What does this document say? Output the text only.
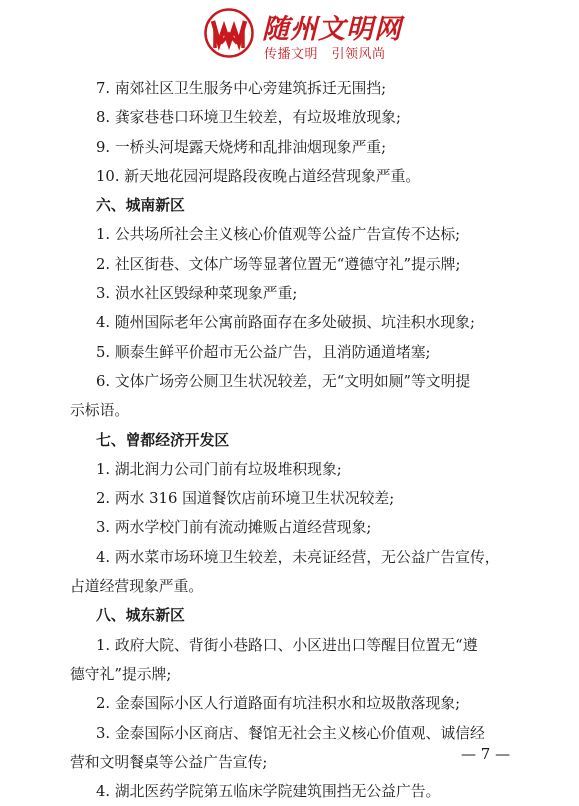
随州文明网
传播文明　引领风尚
7. 南郊社区卫生服务中心旁建筑拆迁无围挡;
8. 龚家巷巷口环境卫生较差，有垃圾堆放现象;
9. 一桥头河堤露天烧烤和乱排油烟现象严重;
10. 新天地花园河堤路段夜晚占道经营现象严重。
六、城南新区
1. 公共场所社会主义核心价值观等公益广告宣传不达标;
2. 社区街巷、文体广场等显著位置无“遵德守礼”提示牌;
3. 涢水社区毁绿种菜现象严重;
4. 随州国际老年公寓前路面存在多处破损、坑洼积水现象;
5. 顺泰生鲜平价超市无公益广告，且消防通道堵塞;
6. 文体广场旁公厕卫生状况较差，无“文明如厕”等文明提
示标语。
七、曾都经济开发区
1. 湖北润力公司门前有垃圾堆积现象;
2. 两水 316 国道餐饮店前环境卫生状况较差;
3. 两水学校门前有流动摊贩占道经营现象;
4. 两水菜市场环境卫生较差，未亮证经营，无公益广告宣传，
占道经营现象严重。
八、城东新区
1. 政府大院、背街小巷路口、小区进出口等醒目位置无“遵
德守礼”提示牌;
2. 金泰国际小区人行道路面有坑洼积水和垃圾散落现象;
3. 金泰国际小区商店、餐馆无社会主义核心价值观、诚信经
营和文明餐桌等公益广告宣传;
4. 湖北医药学院第五临床学院建筑围挡无公益广告。
— 7 —
